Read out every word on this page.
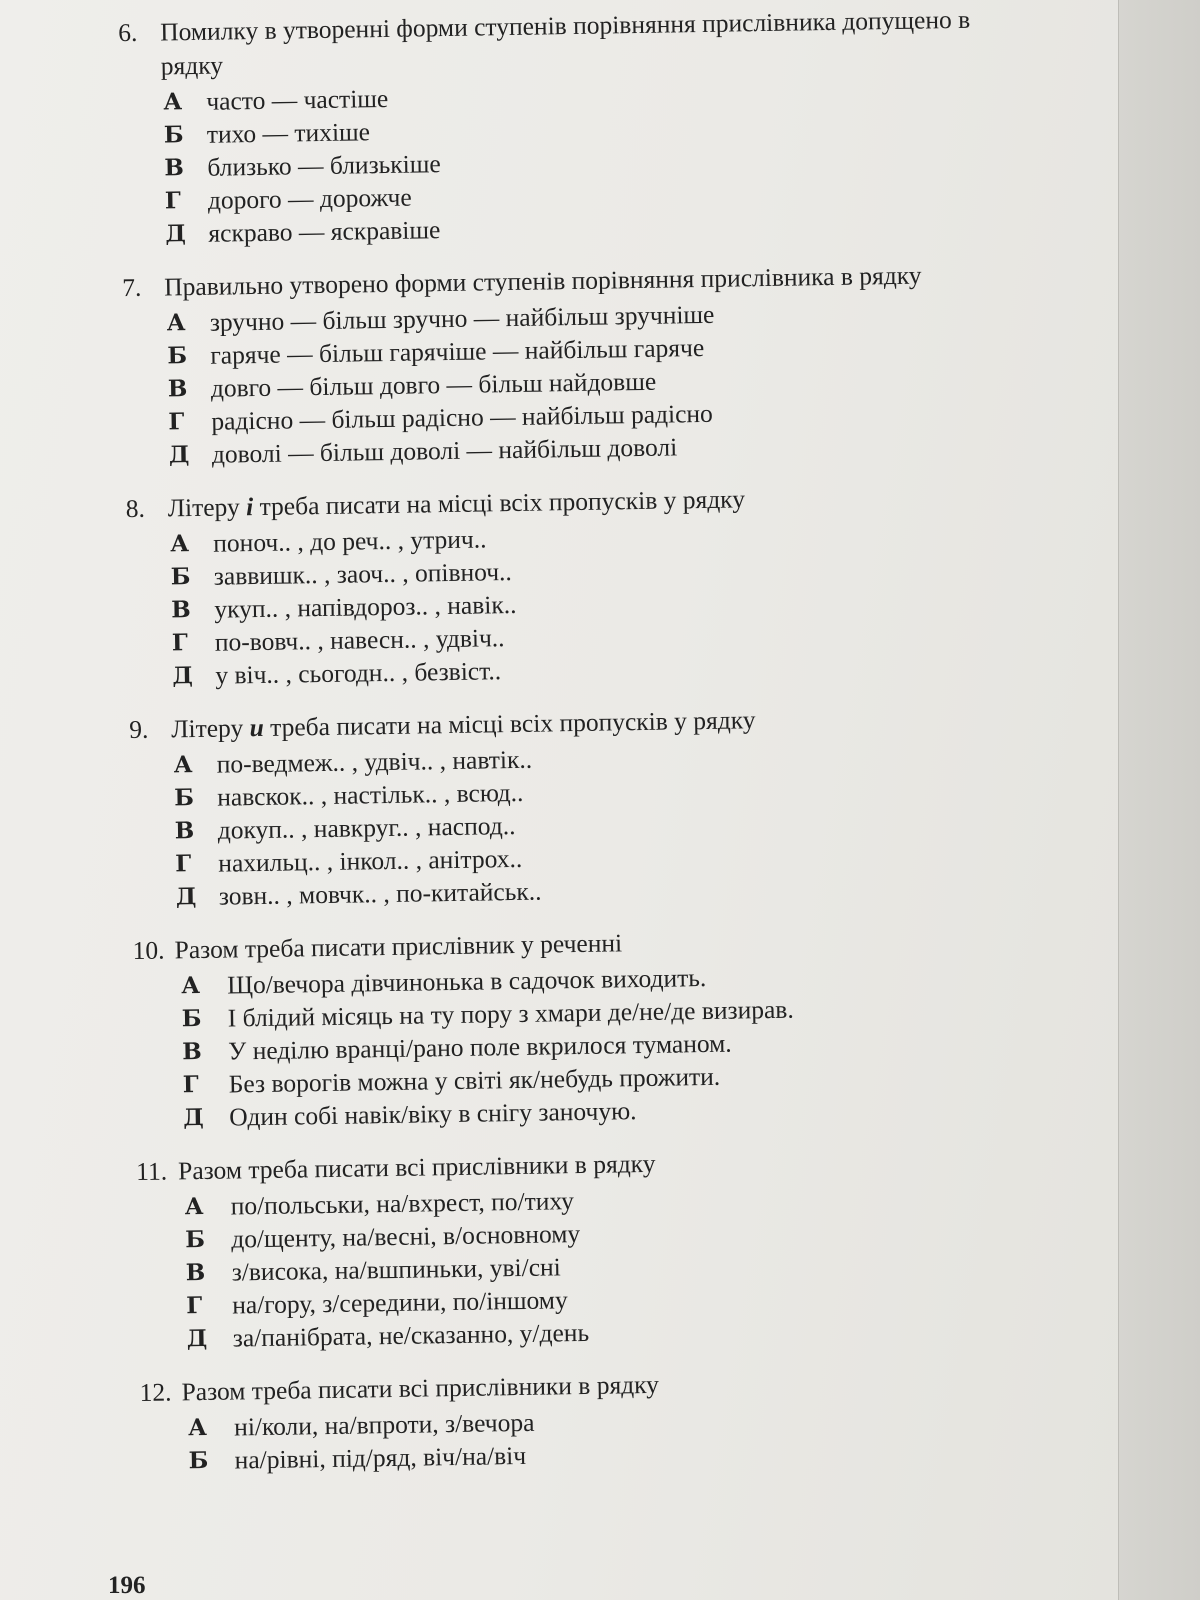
6. Помилку в утворенні форми ступенів порівняння прислівника допущено в
рядку
А часто — частіше
Б тихо — тихіше
В близько — близькіше
Г дорого — дорожче
Д яскраво — яскравіше
7. Правильно утворено форми ступенів порівняння прислівника в рядку
А зручно — більш зручно — найбільш зручніше
Б гаряче — більш гарячіше — найбільш гаряче
В довго — більш довго — більш найдовше
Г радісно — більш радісно — найбільш радісно
Д доволі — більш доволі — найбільш доволі
8. Літеру і треба писати на місці всіх пропусків у рядку
А поноч.. , до реч.. , утрич..
Б заввишк.. , заоч.. , опівноч..
В укуп.. , напівдороз.. , навік..
Г по-вовч.. , навесн.. , удвіч..
Д у віч.. , сьогодн.. , безвіст..
9. Літеру и треба писати на місці всіх пропусків у рядку
А по-ведмеж.. , удвіч.. , навтік..
Б навскок.. , настільк.. , всюд..
В докуп.. , навкруг.. , наспод..
Г нахильц.. , інкол.. , анітрох..
Д зовн.. , мовчк.. , по-китайськ..
10. Разом треба писати прислівник у реченні
А Що/вечора дівчинонька в садочок виходить.
Б І блідий місяць на ту пору з хмари де/не/де визирав.
В У неділю вранці/рано поле вкрилося туманом.
Г Без ворогів можна у світі як/небудь прожити.
Д Один собі навік/віку в снігу заночую.
11. Разом треба писати всі прислівники в рядку
А по/польськи, на/вхрест, по/тиху
Б до/щенту, на/весні, в/основному
В з/висока, на/вшпиньки, уві/сні
Г на/гору, з/середини, по/іншому
Д за/панібрата, не/сказанно, у/день
12. Разом треба писати всі прислівники в рядку
А ні/коли, на/впроти, з/вечора
Б на/рівні, під/ряд, віч/на/віч
196
